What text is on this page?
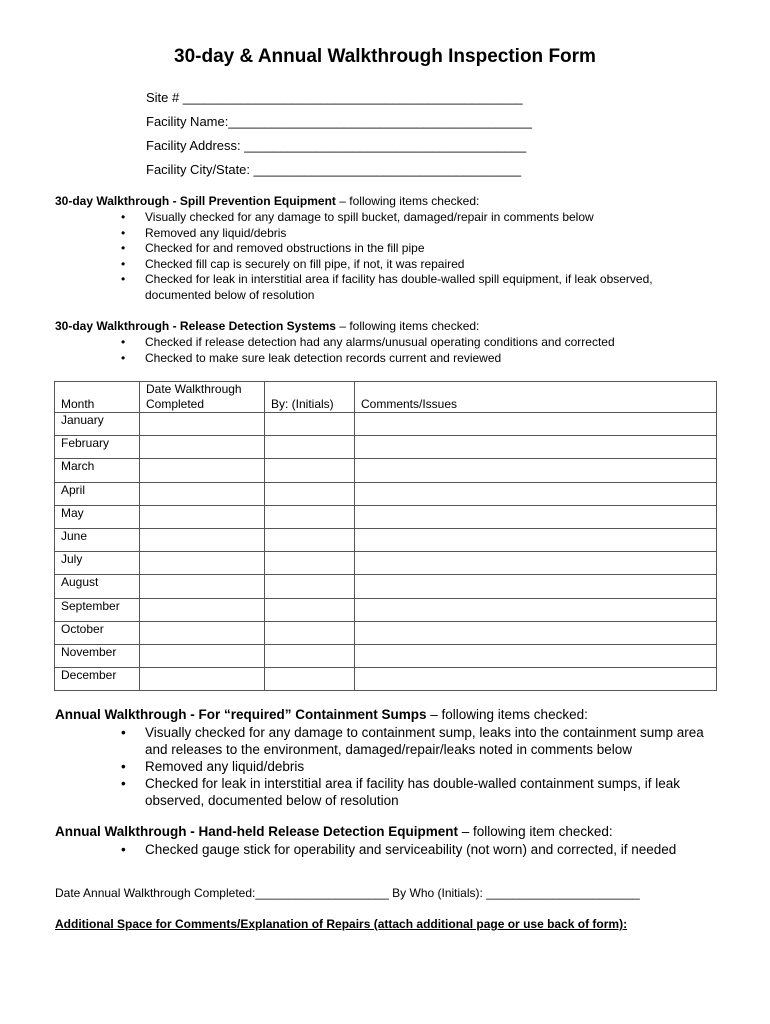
30-day & Annual Walkthrough Inspection Form
Site # _______________________________________________
Facility Name:__________________________________________
Facility Address: _______________________________________
Facility City/State: _____________________________________
30-day Walkthrough - Spill Prevention Equipment – following items checked:
• Visually checked for any damage to spill bucket, damaged/repair in comments below
• Removed any liquid/debris
• Checked for and removed obstructions in the fill pipe
• Checked fill cap is securely on fill pipe, if not, it was repaired
• Checked for leak in interstitial area if facility has double-walled spill equipment, if leak observed, documented below of resolution
30-day Walkthrough - Release Detection Systems – following items checked:
• Checked if release detection had any alarms/unusual operating conditions and corrected
• Checked to make sure leak detection records current and reviewed
Month	Date Walkthrough Completed	By: (Initials)	Comments/Issues
January			
February			
March			
April			
May			
June			
July			
August			
September			
October			
November			
December			
Annual Walkthrough - For “required” Containment Sumps – following items checked:
• Visually checked for any damage to containment sump, leaks into the containment sump area and releases to the environment, damaged/repair/leaks noted in comments below
• Removed any liquid/debris
• Checked for leak in interstitial area if facility has double-walled containment sumps, if leak observed, documented below of resolution
Annual Walkthrough - Hand-held Release Detection Equipment – following item checked:
• Checked gauge stick for operability and serviceability (not worn) and corrected, if needed
Date Annual Walkthrough Completed:____________________ By Who (Initials): _______________________
Additional Space for Comments/Explanation of Repairs (attach additional page or use back of form):
